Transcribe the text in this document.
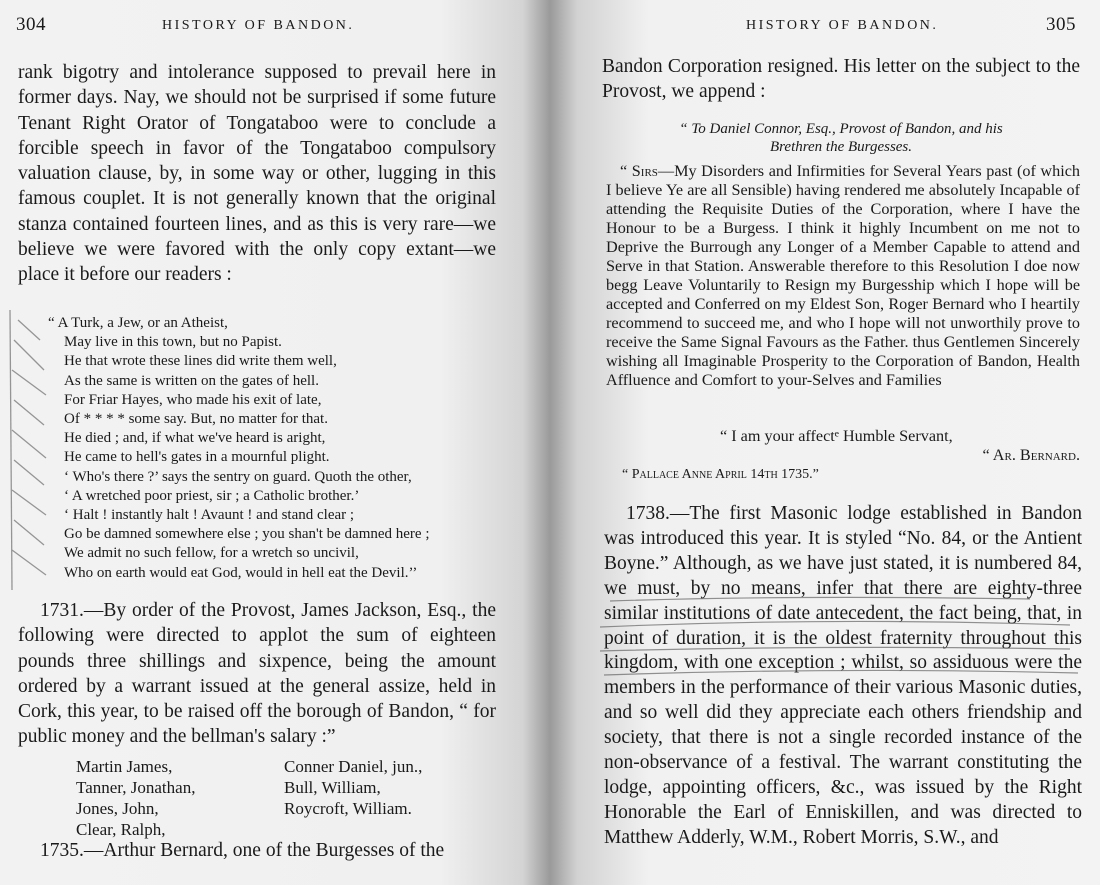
304	HISTORY OF BANDON.
rank bigotry and intolerance supposed to prevail here in former days. Nay, we should not be surprised if some future Tenant Right Orator of Tongataboo were to conclude a forcible speech in favor of the Tongataboo compulsory valuation clause, by, in some way or other, lugging in this famous couplet. It is not generally known that the original stanza contained fourteen lines, and as this is very rare—we believe we were favored with the only copy extant—we place it before our readers :
“ A Turk, a Jew, or an Atheist,
May live in this town, but no Papist.
He that wrote these lines did write them well,
As the same is written on the gates of hell.
For Friar Hayes, who made his exit of late,
Of * * * * some say. But, no matter for that.
He died ; and, if what we've heard is aright,
He came to hell's gates in a mournful plight.
‘ Who's there ?’ says the sentry on guard. Quoth the other,
‘ A wretched poor priest, sir ; a Catholic brother.’
‘ Halt ! instantly halt ! Avaunt ! and stand clear ;
Go be damned somewhere else ; you shan't be damned here ;
We admit no such fellow, for a wretch so uncivil,
Who on earth would eat God, would in hell eat the Devil.’’
1731.—By order of the Provost, James Jackson, Esq., the following were directed to applot the sum of eighteen pounds three shillings and sixpence, being the amount ordered by a warrant issued at the general assize, held in Cork, this year, to be raised off the borough of Bandon, “ for public money and the bellman's salary :”
Martin James,
Tanner, Jonathan,
Jones, John,
Clear, Ralph,
Conner Daniel, jun.,
Bull, William,
Roycroft, William.
1735.—Arthur Bernard, one of the Burgesses of the
HISTORY OF BANDON.	305
Bandon Corporation resigned. His letter on the subject to the Provost, we append :
“ To Daniel Connor, Esq., Provost of Bandon, and his
Brethren the Burgesses.
“ Sirs—My Disorders and Infirmities for Several Years past (of which I believe Ye are all Sensible) having rendered me absolutely Incapable of attending the Requisite Duties of the Corporation, where I have the Honour to be a Burgess. I think it highly Incumbent on me not to Deprive the Burrough any Longer of a Member Capable to attend and Serve in that Station. Answerable therefore to this Resolution I doe now begg Leave Voluntarily to Resign my Burgesship which I hope will be accepted and Conferred on my Eldest Son, Roger Bernard who I heartily recommend to succeed me, and who I hope will not unworthily prove to receive the Same Signal Favours as the Father. thus Gentlemen Sincerely wishing all Imaginable Prosperity to the Corporation of Bandon, Health Affluence and Comfort to your-Selves and Families
“ I am your affectᵉ Humble Servant,
“ Ar. Bernard.
“ Pallace Anne April 14th 1735.”
1738.—The first Masonic lodge established in Bandon was introduced this year. It is styled “No. 84, or the Antient Boyne.” Although, as we have just stated, it is numbered 84, we must, by no means, infer that there are eighty-three similar institutions of date antecedent, the fact being, that, in point of duration, it is the oldest fraternity throughout this kingdom, with one exception ; whilst, so assiduous were the members in the performance of their various Masonic duties, and so well did they appreciate each others friendship and society, that there is not a single recorded instance of the non-observance of a festival. The warrant constituting the lodge, appointing officers, &c., was issued by the Right Honorable the Earl of Enniskillen, and was directed to Matthew Adderly, W.M., Robert Morris, S.W., and
